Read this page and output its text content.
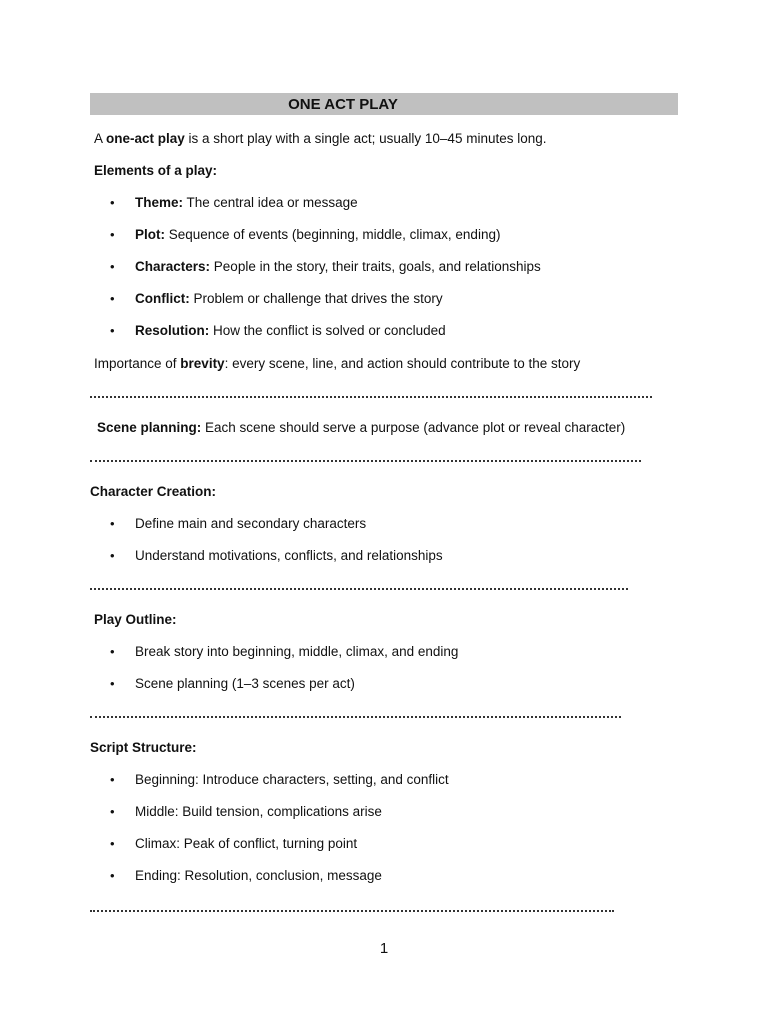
ONE ACT PLAY
A one-act play is a short play with a single act; usually 10–45 minutes long.
Elements of a play:
• Theme: The central idea or message
• Plot: Sequence of events (beginning, middle, climax, ending)
• Characters: People in the story, their traits, goals, and relationships
• Conflict: Problem or challenge that drives the story
• Resolution: How the conflict is solved or concluded
Importance of brevity: every scene, line, and action should contribute to the story
Scene planning: Each scene should serve a purpose (advance plot or reveal character)
Character Creation:
• Define main and secondary characters
• Understand motivations, conflicts, and relationships
Play Outline:
• Break story into beginning, middle, climax, and ending
• Scene planning (1–3 scenes per act)
Script Structure:
• Beginning: Introduce characters, setting, and conflict
• Middle: Build tension, complications arise
• Climax: Peak of conflict, turning point
• Ending: Resolution, conclusion, message
1
